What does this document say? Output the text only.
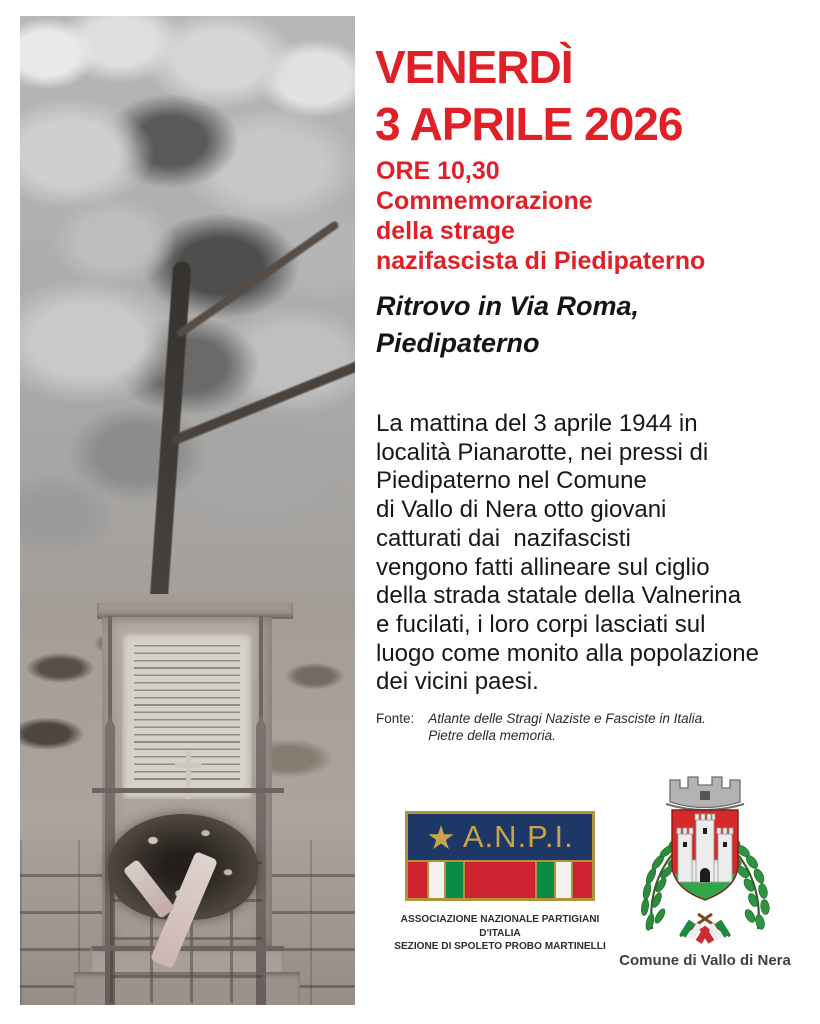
VENERDÌ
3 APRILE 2026
ORE 10,30
Commemorazione
della strage
nazifascista di Piedipaterno
Ritrovo in Via Roma,
Piedipaterno
La mattina del 3 aprile 1944 in
località Pianarotte, nei pressi di
Piedipaterno nel Comune
di Vallo di Nera otto giovani
catturati dai  nazifascisti
vengono fatti allineare sul ciglio
della strada statale della Valnerina
e fucilati, i loro corpi lasciati sul
luogo come monito alla popolazione
dei vicini paesi.
Fonte: Atlante delle Stragi Naziste e Fasciste in Italia.
Pietre della memoria.
★ A.N.P.I.
ASSOCIAZIONE NAZIONALE PARTIGIANI D'ITALIA
SEZIONE DI SPOLETO PROBO MARTINELLI
Comune di Vallo di Nera
